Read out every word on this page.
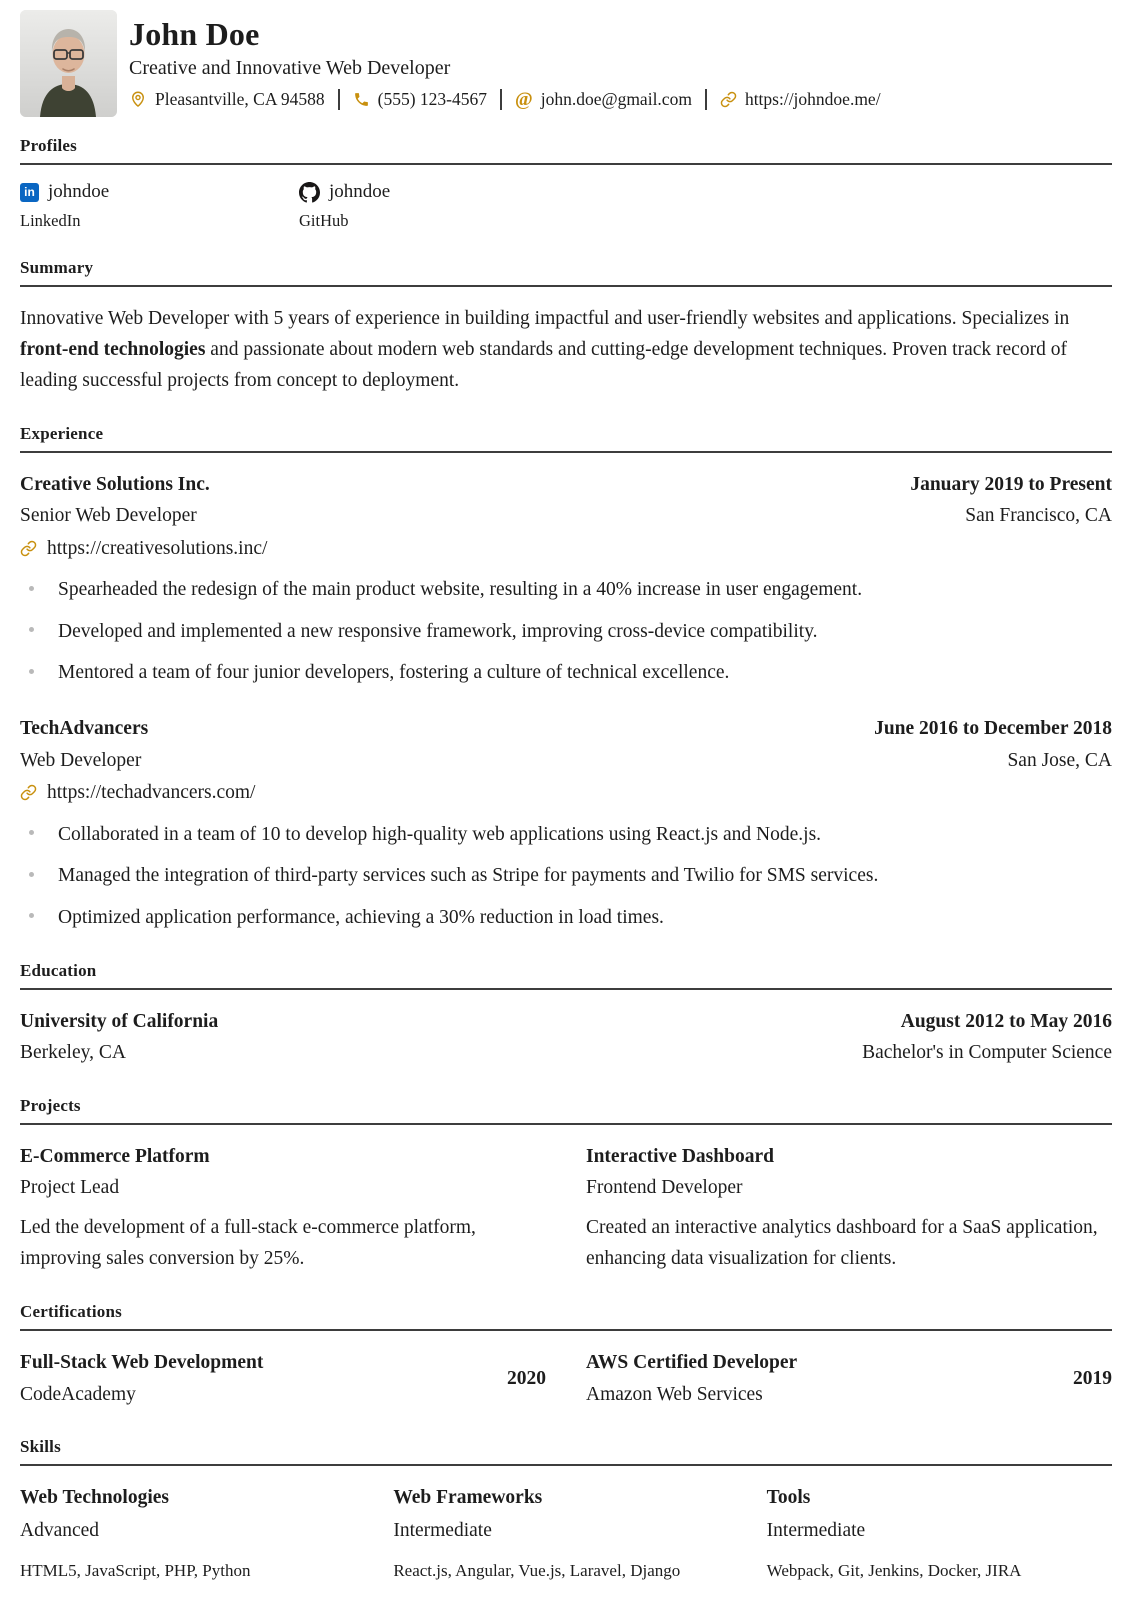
John Doe
Creative and Innovative Web Developer
Pleasantville, CA 94588	(555) 123-4567 @ john.doe@gmail.com	https://johndoe.me/
Profiles
in johndoe
LinkedIn
johndoe
GitHub
Summary

Innovative Web Developer with 5 years of experience in building impactful and user-friendly websites and applications. Specializes in front-end technologies and passionate about modern web standards and cutting-edge development techniques. Proven track record of leading successful projects from concept to deployment.

Experience
Creative Solutions Inc.	January 2019 to Present
Senior Web Developer	San Francisco, CA
https://creativesolutions.inc/
Spearheaded the redesign of the main product website, resulting in a 40% increase in user engagement.
Developed and implemented a new responsive framework, improving cross-device compatibility.
Mentored a team of four junior developers, fostering a culture of technical excellence.
TechAdvancers	June 2016 to December 2018
Web Developer	San Jose, CA
https://techadvancers.com/
Collaborated in a team of 10 to develop high-quality web applications using React.js and Node.js.
Managed the integration of third-party services such as Stripe for payments and Twilio for SMS services.
Optimized application performance, achieving a 30% reduction in load times.
Education
University of California	August 2012 to May 2016
Berkeley, CA	Bachelor's in Computer Science
Projects
E-Commerce Platform
Project Lead
Led the development of a full-stack e-commerce platform, improving sales conversion by 25%.
Interactive Dashboard
Frontend Developer
Created an interactive analytics dashboard for a SaaS application, enhancing data visualization for clients.
Certifications
Full-Stack Web Development
CodeAcademy
2020
AWS Certified Developer
Amazon Web Services
2019
Skills
Web Technologies
Advanced
HTML5, JavaScript, PHP, Python
Web Frameworks
Intermediate
React.js, Angular, Vue.js, Laravel, Django
Tools
Intermediate
Webpack, Git, Jenkins, Docker, JIRA
